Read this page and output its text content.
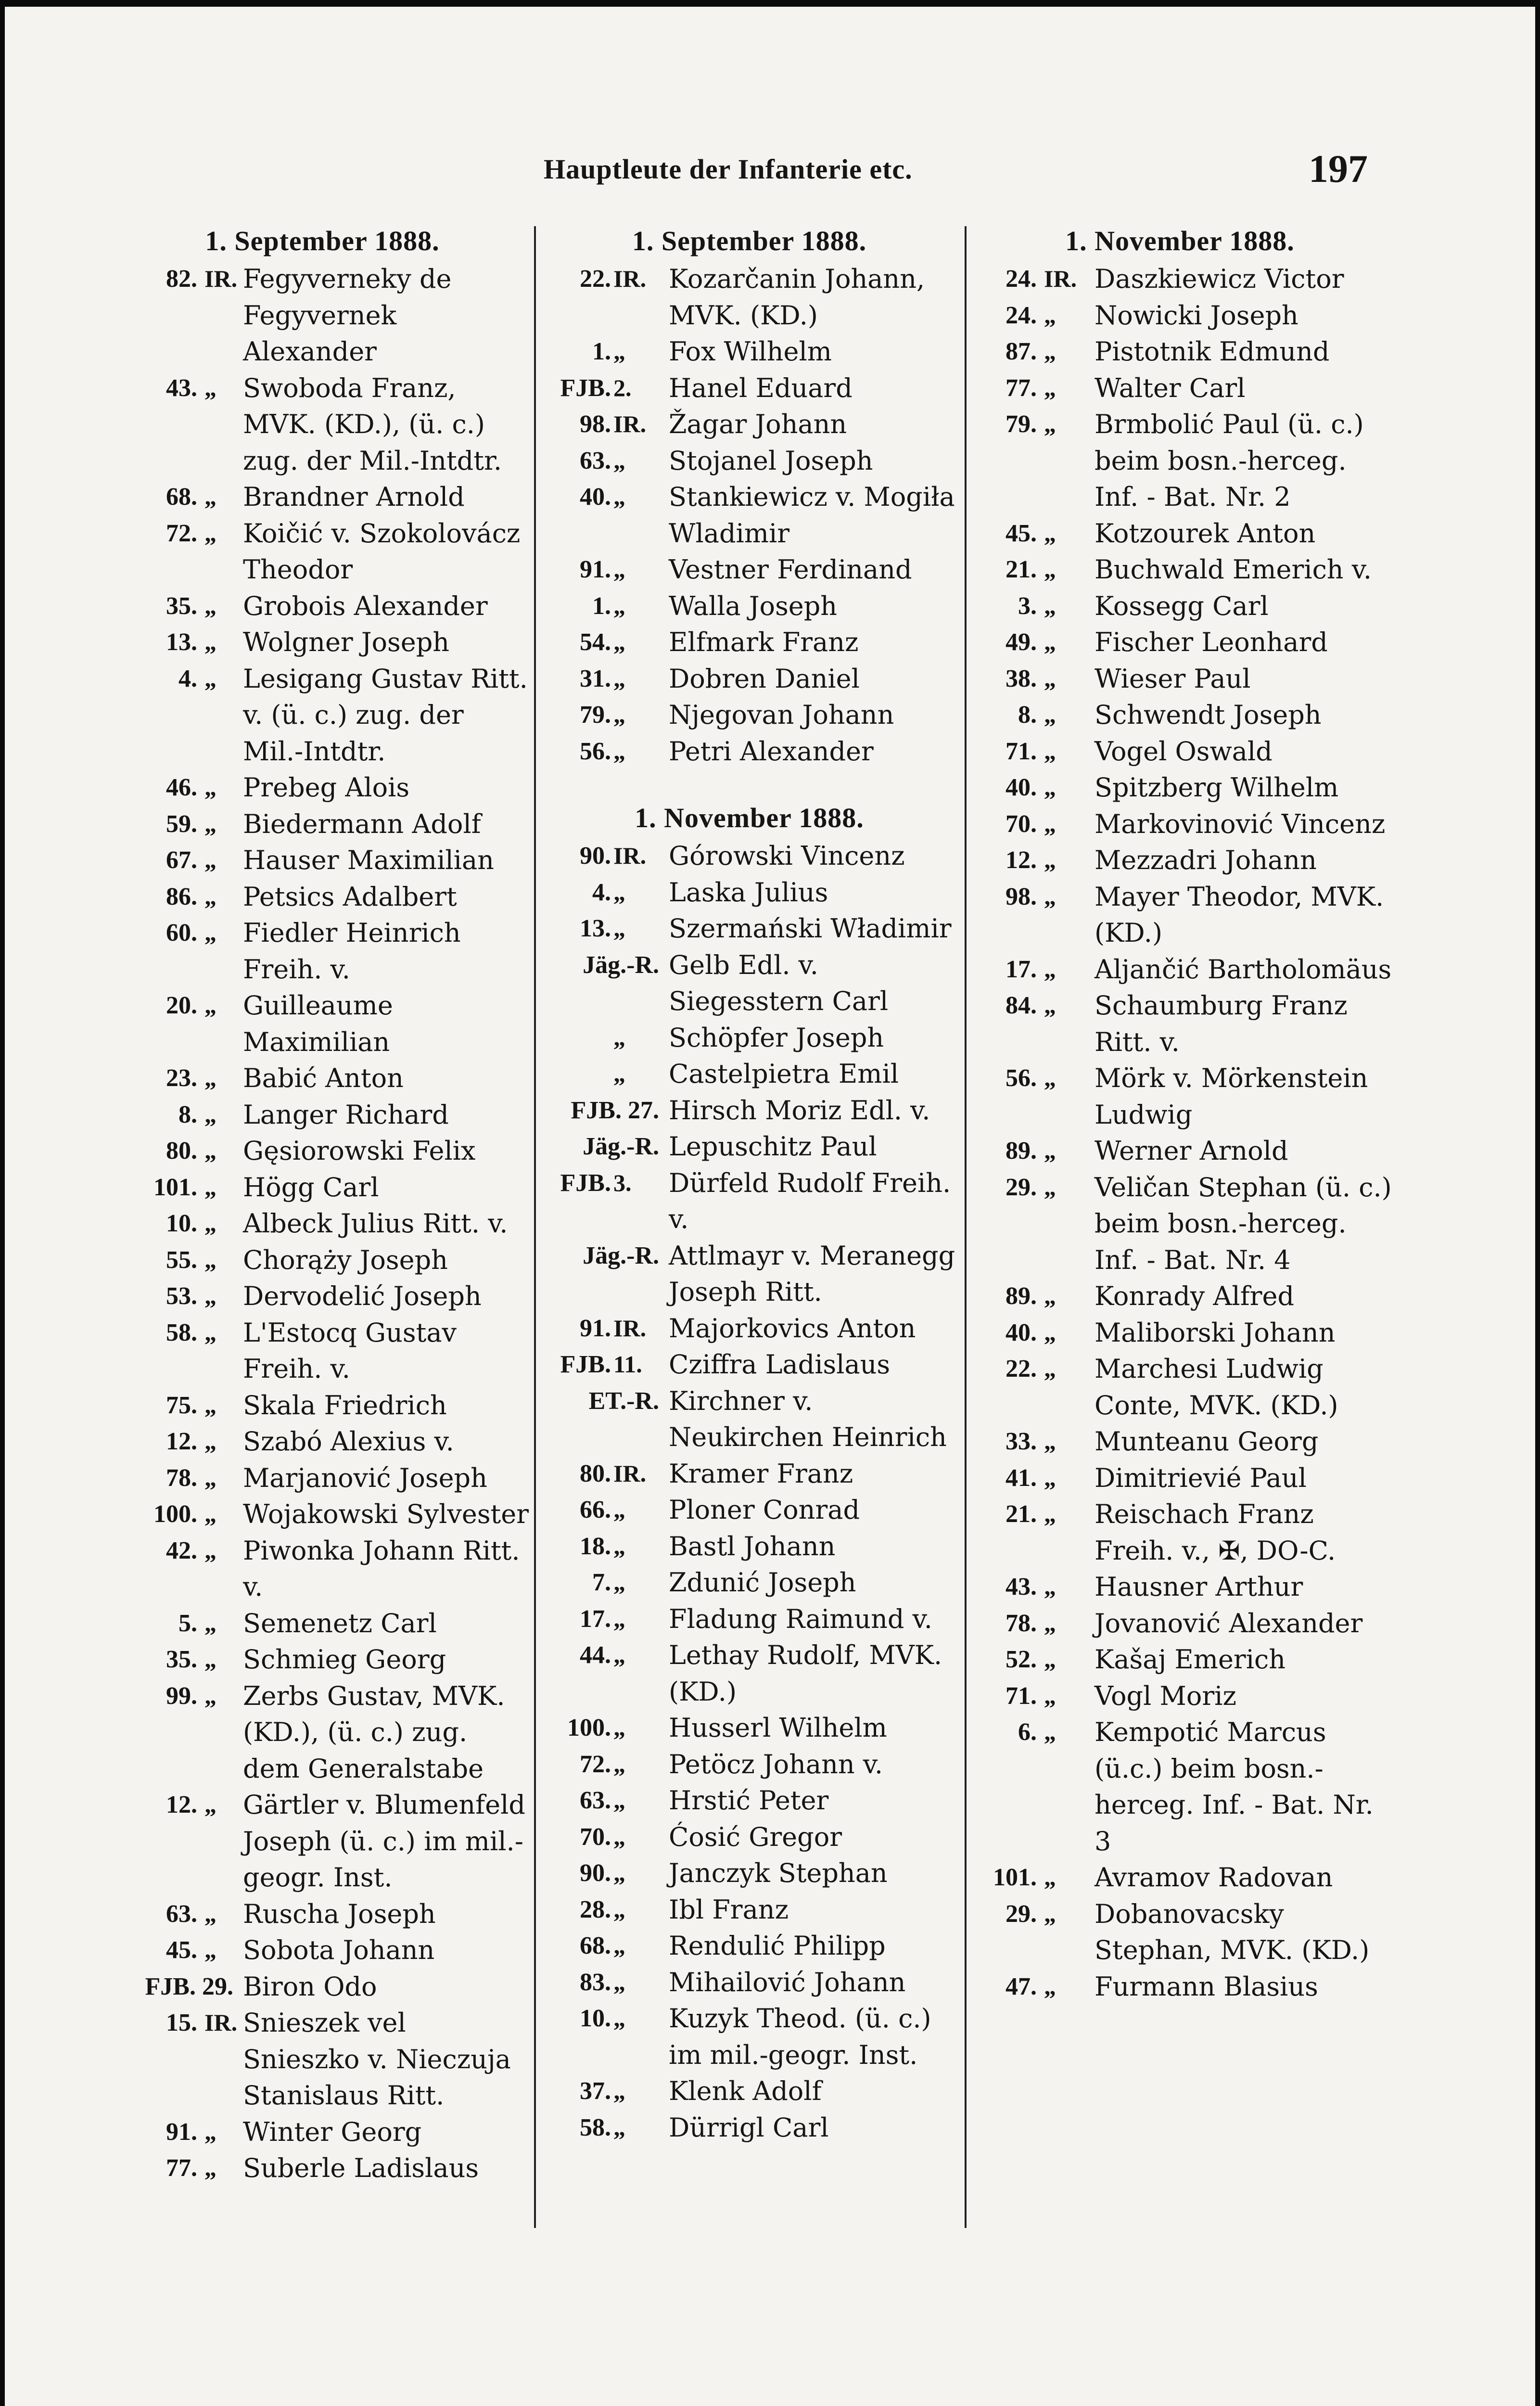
Hauptleute der Infanterie etc.	197
1. September 1888.
82. IR. Fegyverneky de Fegyvernek Alexander
43. „	Swoboda Franz, MVK. (KD.), (ü. c.) zug. der Mil.-Intdtr.
68. „	Brandner Arnold
72. „	Koičić v. Szokolovácz Theodor
35. „	Grobois Alexander
13. „	Wolgner Joseph
4. „	Lesigang Gustav Ritt. v. (ü. c.) zug. der Mil.-Intdtr.
46. „	Prebeg Alois
59. „	Biedermann Adolf
67. „	Hauser Maximilian
86. „	Petsics Adalbert
60. „	Fiedler Heinrich Freih. v.
20. „	Guilleaume Maximilian
23. „	Babić Anton
8. „	Langer Richard
80. „	Gęsiorowski Felix
101. „	Högg Carl
10. „	Albeck Julius Ritt. v.
55. „	Chorąży Joseph
53. „	Dervodelić Joseph
58. „	L'Estocq Gustav Freih. v.
75. „	Skala Friedrich
12. „	Szabó Alexius v.
78. „	Marjanović Joseph
100. „	Wojakowski Sylvester
42. „	Piwonka Johann Ritt. v.
5. „	Semenetz Carl
35. „	Schmieg Georg
99. „	Zerbs Gustav, MVK. (KD.), (ü. c.) zug. dem Generalstabe
12. „	Gärtler v. Blumenfeld Joseph (ü. c.) im mil.-geogr. Inst.
63. „	Ruscha Joseph
45. „	Sobota Johann
FJB. 29. Biron Odo
15. IR. Snieszek vel Snieszko v. Nieczuja Stanislaus Ritt.
91. „	Winter Georg
77. „	Suberle Ladislaus
1. September 1888.
22. IR. Kozarčanin Johann, MVK. (KD.)
1. „	Fox Wilhelm
FJB. 2.	Hanel Eduard
98. IR. Žagar Johann
63. „	Stojanel Joseph
40. „	Stankiewicz v. Mogiła Wladimir
91. „	Vestner Ferdinand
1. „	Walla Joseph
54. „	Elfmark Franz
31. „	Dobren Daniel
79. „	Njegovan Johann
56. „	Petri Alexander
1. November 1888.
90. IR. Górowski Vincenz
4. „	Laska Julius
13. „	Szermański Władimir
Jäg.-R. Gelb Edl. v. Siegesstern Carl
„	Schöpfer Joseph
„	Castelpietra Emil
FJB. 27. Hirsch Moriz Edl. v.
Jäg.-R. Lepuschitz Paul
FJB. 3.	Dürfeld Rudolf Freih. v.
Jäg.-R. Attlmayr v. Meranegg Joseph Ritt.
91. IR. Majorkovics Anton
FJB. 11. Cziffra Ladislaus
ET.-R. Kirchner v. Neukirchen Heinrich
80. IR. Kramer Franz
66. „	Ploner Conrad
18. „	Bastl Johann
7. „	Zdunić Joseph
17. „	Fladung Raimund v.
44. „	Lethay Rudolf, MVK. (KD.)
100. „	Husserl Wilhelm
72. „	Petöcz Johann v.
63. „	Hrstić Peter
70. „	Ćosić Gregor
90. „	Janczyk Stephan
28. „	Ibl Franz
68. „	Rendulić Philipp
83. „	Mihailović Johann
10. „	Kuzyk Theod. (ü. c.) im mil.-geogr. Inst.
37. „	Klenk Adolf
58. „	Dürrigl Carl
1. November 1888.
24. IR. Daszkiewicz Victor
24. „	Nowicki Joseph
87. „	Pistotnik Edmund
77. „	Walter Carl
79. „	Brmbolić Paul (ü. c.) beim bosn.-herceg. Inf. - Bat. Nr. 2
45. „	Kotzourek Anton
21. „	Buchwald Emerich v.
3. „	Kossegg Carl
49. „	Fischer Leonhard
38. „	Wieser Paul
8. „	Schwendt Joseph
71. „	Vogel Oswald
40. „	Spitzberg Wilhelm
70. „	Markovinović Vincenz
12. „	Mezzadri Johann
98. „	Mayer Theodor, MVK. (KD.)
17. „	Aljančić Bartholomäus
84. „	Schaumburg Franz Ritt. v.
56. „	Mörk v. Mörkenstein Ludwig
89. „	Werner Arnold
29. „	Veličan Stephan (ü. c.) beim bosn.-herceg. Inf. - Bat. Nr. 4
89. „	Konrady Alfred
40. „	Maliborski Johann
22. „	Marchesi Ludwig Conte, MVK. (KD.)
33. „	Munteanu Georg
41. „	Dimitrievié Paul
21. „	Reischach Franz Freih. v., ✠, DO-C.
43. „	Hausner Arthur
78. „	Jovanović Alexander
52. „	Kašaj Emerich
71. „	Vogl Moriz
6. „	Kempotić Marcus (ü.c.) beim bosn.-herceg. Inf. - Bat. Nr. 3
101. „	Avramov Radovan
29. „	Dobanovacsky Stephan, MVK. (KD.)
47. „	Furmann Blasius
